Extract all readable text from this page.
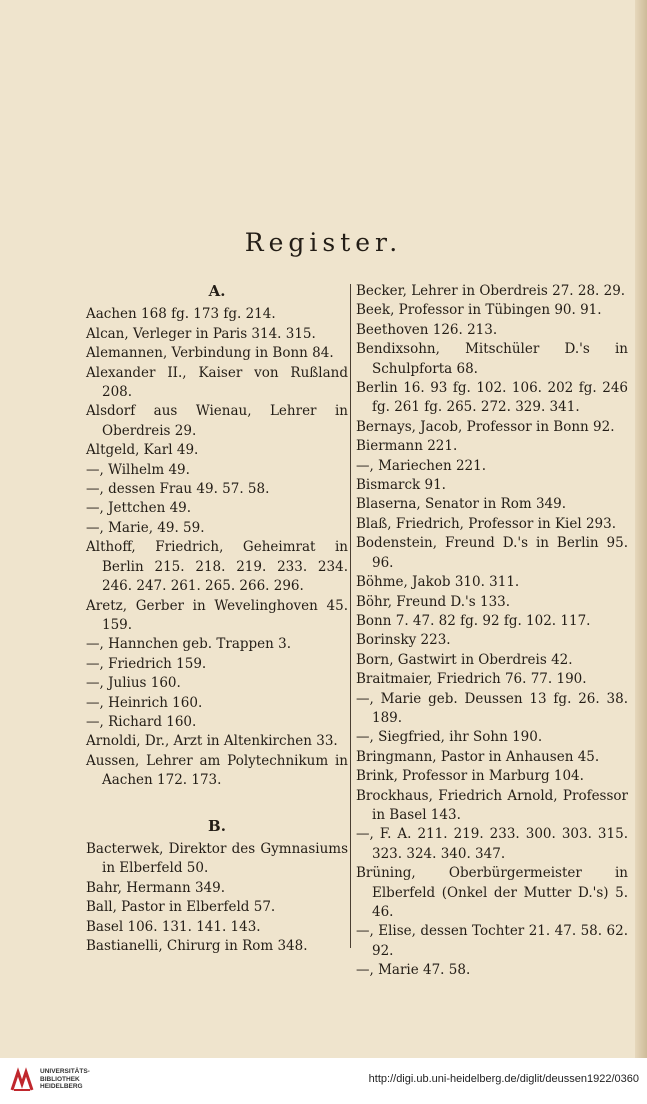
Register.
A.

Aachen 168 fg. 173 fg. 214.

Alcan, Verleger in Paris 314. 315.

Alemannen, Verbindung in Bonn 84.

Alexander II., Kaiser von Rußland 208.

Alsdorf aus Wienau, Lehrer in Oberdreis 29.

Altgeld, Karl 49.

—, Wilhelm 49.

—, dessen Frau 49. 57. 58.

—, Jettchen 49.

—, Marie, 49. 59.

Althoff, Friedrich, Geheimrat in Berlin 215. 218. 219. 233. 234. 246. 247. 261. 265. 266. 296.

Aretz, Gerber in Wevelinghoven 45. 159.

—, Hannchen geb. Trappen 3.

—, Friedrich 159.

—, Julius 160.

—, Heinrich 160.

—, Richard 160.

Arnoldi, Dr., Arzt in Altenkirchen 33.

Aussen, Lehrer am Polytechnikum in Aachen 172. 173.

B.

Bacterwek, Direktor des Gymnasiums in Elberfeld 50.

Bahr, Hermann 349.

Ball, Pastor in Elberfeld 57.

Basel 106. 131. 141. 143.

Bastianelli, Chirurg in Rom 348.

Becker, Lehrer in Oberdreis 27. 28. 29.

Beek, Professor in Tübingen 90. 91.

Beethoven 126. 213.

Bendixsohn, Mitschüler D.'s in Schulpforta 68.

Berlin 16. 93 fg. 102. 106. 202 fg. 246 fg. 261 fg. 265. 272. 329. 341.

Bernays, Jacob, Professor in Bonn 92.

Biermann 221.

—, Mariechen 221.

Bismarck 91.

Blaserna, Senator in Rom 349.

Blaß, Friedrich, Professor in Kiel 293.

Bodenstein, Freund D.'s in Berlin 95. 96.

Böhme, Jakob 310. 311.

Böhr, Freund D.'s 133.

Bonn 7. 47. 82 fg. 92 fg. 102. 117.

Borinsky 223.

Born, Gastwirt in Oberdreis 42.

Braitmaier, Friedrich 76. 77. 190.

—, Marie geb. Deussen 13 fg. 26. 38. 189.

—, Siegfried, ihr Sohn 190.

Bringmann, Pastor in Anhausen 45.

Brink, Professor in Marburg 104.

Brockhaus, Friedrich Arnold, Professor in Basel 143.

—, F. A. 211. 219. 233. 300. 303. 315. 323. 324. 340. 347.

Brüning, Oberbürgermeister in Elberfeld (Onkel der Mutter D.'s) 5. 46.

—, Elise, dessen Tochter 21. 47. 58. 62. 92.

—, Marie 47. 58.

UNIVERSITÄTS-
BIBLIOTHEK
HEIDELBERG
http://digi.ub.uni-heidelberg.de/diglit/deussen1922/0360
